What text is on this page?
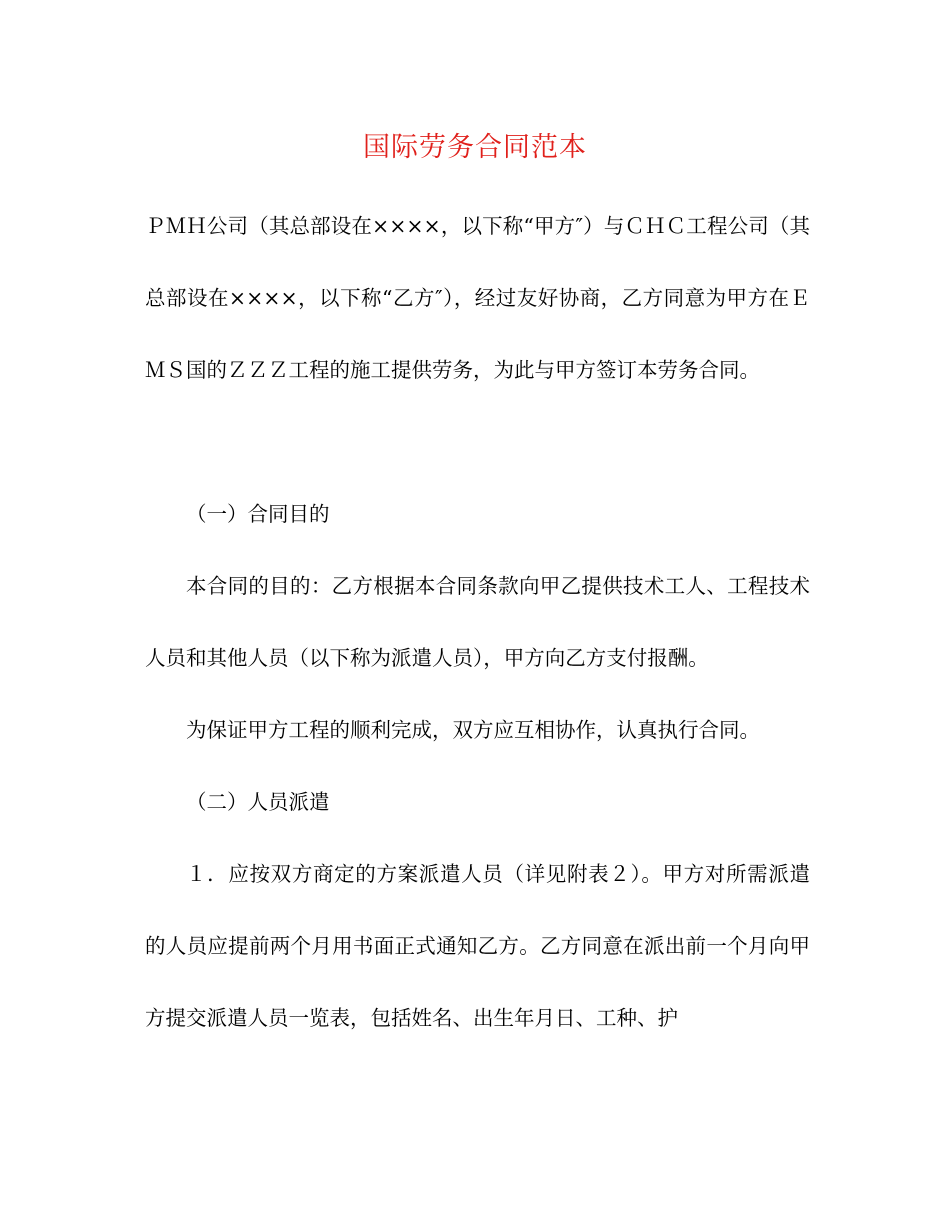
国际劳务合同范本

ＰＭＨ公司（其总部设在××××，以下称“甲方″）与ＣＨＣ工程公司（其总部设在××××，以下称“乙方″），经过友好协商，乙方同意为甲方在ＥＭＳ国的ＺＺＺ工程的施工提供劳务，为此与甲方签订本劳务合同。

（一）合同目的

本合同的目的：乙方根据本合同条款向甲乙提供技术工人、工程技术人员和其他人员（以下称为派遣人员），甲方向乙方支付报酬。

为保证甲方工程的顺利完成，双方应互相协作，认真执行合同。

（二）人员派遣

１．应按双方商定的方案派遣人员（详见附表２）。甲方对所需派遣的人员应提前两个月用书面正式通知乙方。乙方同意在派出前一个月向甲方提交派遣人员一览表，包括姓名、出生年月日、工种、护
